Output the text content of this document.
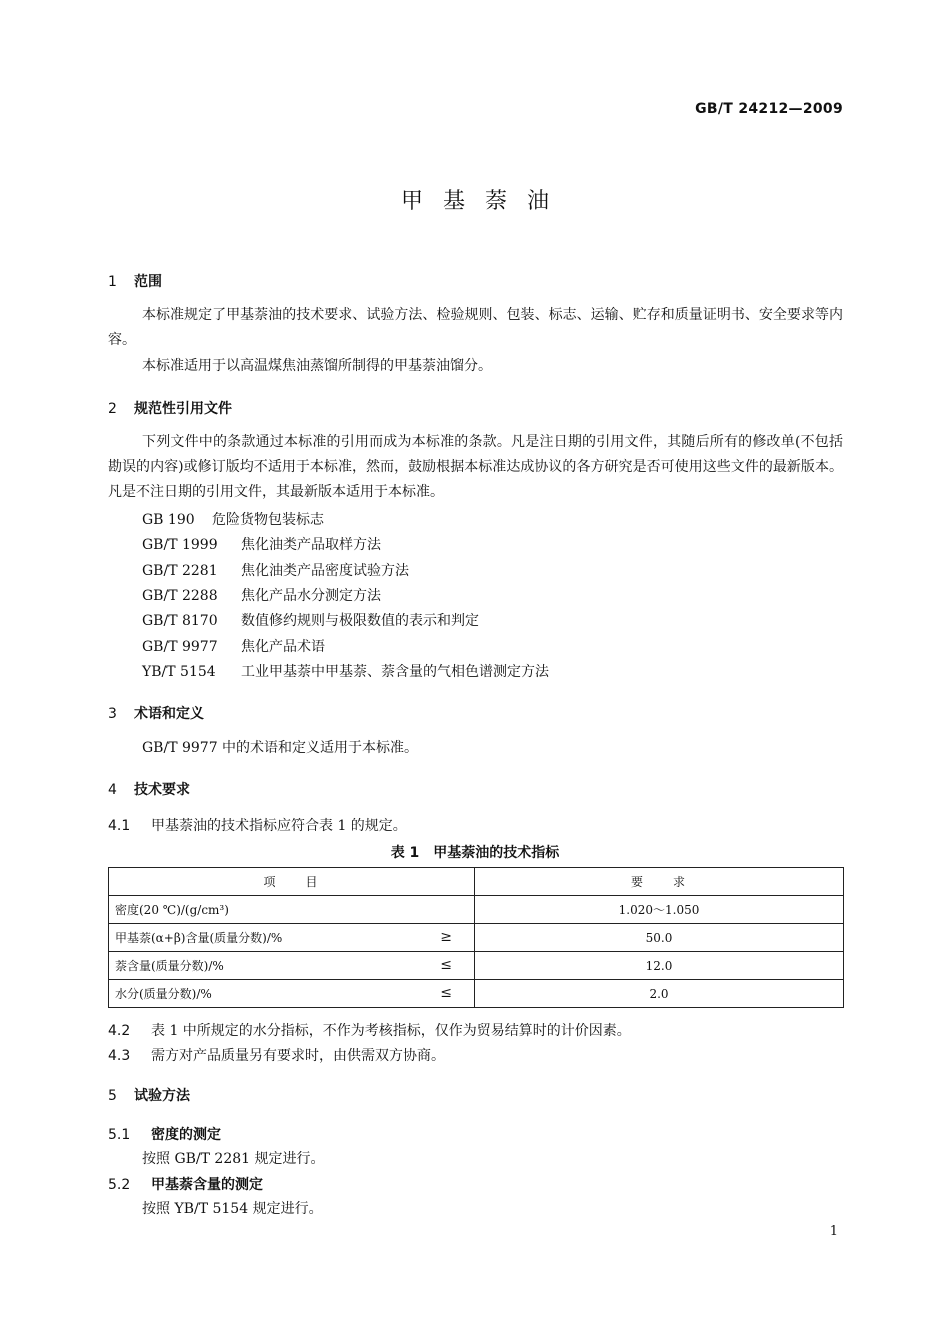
GB/T 24212—2009
甲基萘油
1 范围
本标准规定了甲基萘油的技术要求、试验方法、检验规则、包装、标志、运输、贮存和质量证明书、安全要求等内容。
本标准适用于以高温煤焦油蒸馏所制得的甲基萘油馏分。
2 规范性引用文件
下列文件中的条款通过本标准的引用而成为本标准的条款。凡是注日期的引用文件，其随后所有的修改单(不包括勘误的内容)或修订版均不适用于本标准，然而，鼓励根据本标准达成协议的各方研究是否可使用这些文件的最新版本。凡是不注日期的引用文件，其最新版本适用于本标准。
GB 190 危险货物包装标志
GB/T 1999 焦化油类产品取样方法
GB/T 2281 焦化油类产品密度试验方法
GB/T 2288 焦化产品水分测定方法
GB/T 8170 数值修约规则与极限数值的表示和判定
GB/T 9977 焦化产品术语
YB/T 5154 工业甲基萘中甲基萘、萘含量的气相色谱测定方法
3 术语和定义
GB/T 9977 中的术语和定义适用于本标准。
4 技术要求
4.1 甲基萘油的技术指标应符合表 1 的规定。
表 1　甲基萘油的技术指标
项　　目	要　　求
密度(20 ℃)/(g/cm³)	1.020～1.050
甲基萘(α+β)含量(质量分数)/% ≥	50.0
萘含量(质量分数)/% ≤	12.0
水分(质量分数)/% ≤	2.0
4.2 表 1 中所规定的水分指标，不作为考核指标，仅作为贸易结算时的计价因素。
4.3 需方对产品质量另有要求时，由供需双方协商。
5 试验方法
5.1 密度的测定
按照 GB/T 2281 规定进行。
5.2 甲基萘含量的测定
按照 YB/T 5154 规定进行。
1
